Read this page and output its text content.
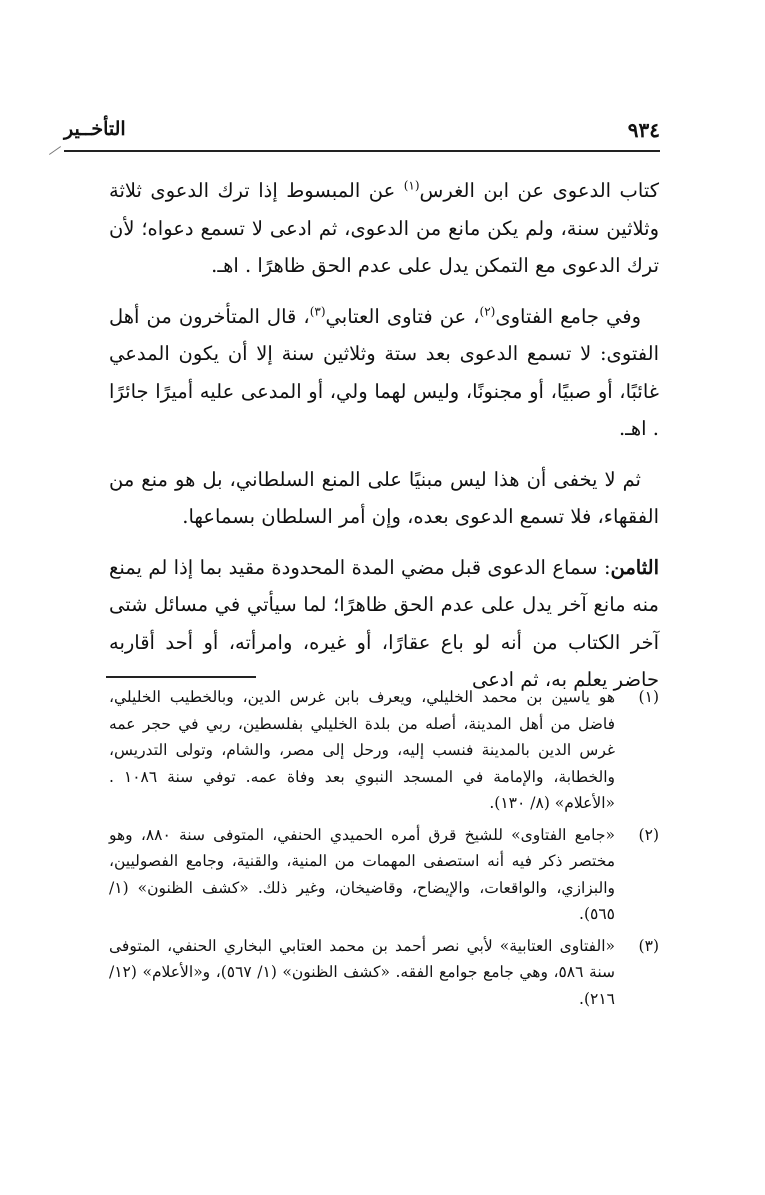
٩٣٤
التأخــير

كتاب الدعوى عن ابن الغرس$^{(١)}$ عن المبسوط إذا ترك الدعوى ثلاثة وثلاثين سنة، ولم يكن مانع من الدعوى، ثم ادعى لا تسمع دعواه؛ لأن ترك الدعوى مع التمكن يدل على عدم الحق ظاهرًا . اهـ.

وفي جامع الفتاوى$^{(٢)}$، عن فتاوى العتابي$^{(٣)}$، قال المتأخرون من أهل الفتوى: لا تسمع الدعوى بعد ستة وثلاثين سنة إلا أن يكون المدعي غائبًا، أو صبيًا، أو مجنونًا، وليس لهما ولي، أو المدعى عليه أميرًا جائرًا . اهـ.

ثم لا يخفى أن هذا ليس مبنيًا على المنع السلطاني، بل هو منع من الفقهاء، فلا تسمع الدعوى بعده، وإن أمر السلطان بسماعها.

الثامن: سماع الدعوى قبل مضي المدة المحدودة مقيد بما إذا لم يمنع منه مانع آخر يدل على عدم الحق ظاهرًا؛ لما سيأتي في مسائل شتى آخر الكتاب من أنه لو باع عقارًا، أو غيره، وامرأته، أو أحد أقاربه حاضر يعلم به، ثم ادعى

(١)
هو ياسين بن محمد الخليلي، ويعرف بابن غرس الدين، وبالخطيب الخليلي، فاضل من أهل المدينة، أصله من بلدة الخليلي بفلسطين، ربي في حجر عمه غرس الدين بالمدينة فنسب إليه، ورحل إلى مصر، والشام، وتولى التدريس، والخطابة، والإمامة في المسجد النبوي بعد وفاة عمه. توفي سنة ١٠٨٦ . «الأعلام» (٨/ ١٣٠).
(٢)
«جامع الفتاوى» للشيخ قرق أمره الحميدي الحنفي، المتوفى سنة ٨٨٠، وهو مختصر ذكر فيه أنه استصفى المهمات من المنية، والقنية، وجامع الفصوليين، والبزازي، والواقعات، والإيضاح، وقاضيخان، وغير ذلك. «كشف الظنون» (١/ ٥٦٥).
(٣)
«الفتاوى العتابية» لأبي نصر أحمد بن محمد العتابي البخاري الحنفي، المتوفى سنة ٥٨٦، وهي جامع جوامع الفقه. «كشف الظنون» (١/ ٥٦٧)، و«الأعلام» (١٢/ ٢١٦).
